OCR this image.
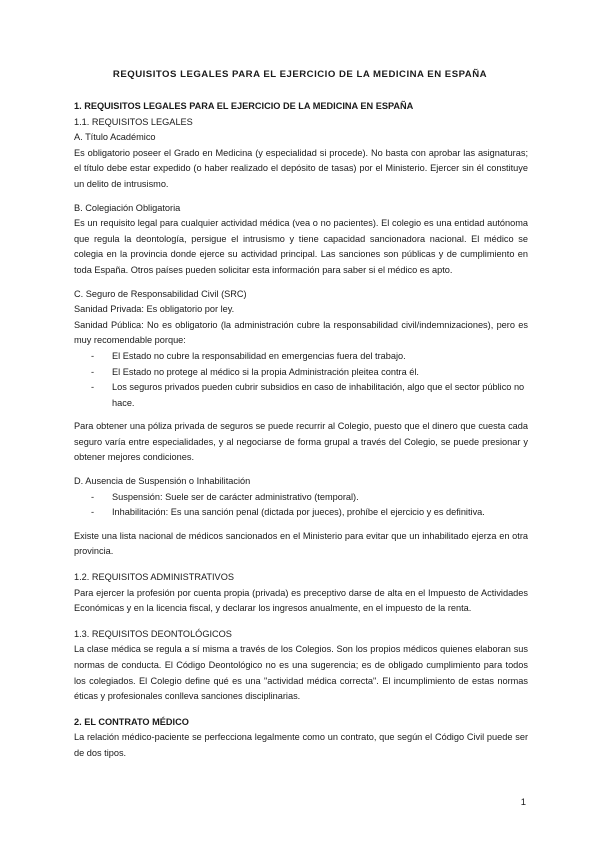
REQUISITOS LEGALES PARA EL EJERCICIO DE LA MEDICINA EN ESPAÑA

1. REQUISITOS LEGALES PARA EL EJERCICIO DE LA MEDICINA EN ESPAÑA

1.1. REQUISITOS LEGALES

A. Título Académico

Es obligatorio poseer el Grado en Medicina (y especialidad si procede). No basta con aprobar las asignaturas; el título debe estar expedido (o haber realizado el depósito de tasas) por el Ministerio. Ejercer sin él constituye un delito de intrusismo.

B. Colegiación Obligatoria

Es un requisito legal para cualquier actividad médica (vea o no pacientes). El colegio es una entidad autónoma que regula la deontología, persigue el intrusismo y tiene capacidad sancionadora nacional. El médico se colegia en la provincia donde ejerce su actividad principal. Las sanciones son públicas y de cumplimiento en toda España. Otros países pueden solicitar esta información para saber si el médico es apto.

C. Seguro de Responsabilidad Civil (SRC)

Sanidad Privada: Es obligatorio por ley.

Sanidad Pública: No es obligatorio (la administración cubre la responsabilidad civil/indemnizaciones), pero es muy recomendable porque:

- El Estado no cubre la responsabilidad en emergencias fuera del trabajo.
- El Estado no protege al médico si la propia Administración pleitea contra él.
- Los seguros privados pueden cubrir subsidios en caso de inhabilitación, algo que el sector público no hace.

Para obtener una póliza privada de seguros se puede recurrir al Colegio, puesto que el dinero que cuesta cada seguro varía entre especialidades, y al negociarse de forma grupal a través del Colegio, se puede presionar y obtener mejores condiciones.

D. Ausencia de Suspensión o Inhabilitación

- Suspensión: Suele ser de carácter administrativo (temporal).
- Inhabilitación: Es una sanción penal (dictada por jueces), prohíbe el ejercicio y es definitiva.

Existe una lista nacional de médicos sancionados en el Ministerio para evitar que un inhabilitado ejerza en otra provincia.

1.2. REQUISITOS ADMINISTRATIVOS

Para ejercer la profesión por cuenta propia (privada) es preceptivo darse de alta en el Impuesto de Actividades Económicas y en la licencia fiscal, y declarar los ingresos anualmente, en el impuesto de la renta.

1.3. REQUISITOS DEONTOLÓGICOS

La clase médica se regula a sí misma a través de los Colegios. Son los propios médicos quienes elaboran sus normas de conducta. El Código Deontológico no es una sugerencia; es de obligado cumplimiento para todos los colegiados. El Colegio define qué es una "actividad médica correcta". El incumplimiento de estas normas éticas y profesionales conlleva sanciones disciplinarias.

2. EL CONTRATO MÉDICO

La relación médico-paciente se perfecciona legalmente como un contrato, que según el Código Civil puede ser de dos tipos.

1
